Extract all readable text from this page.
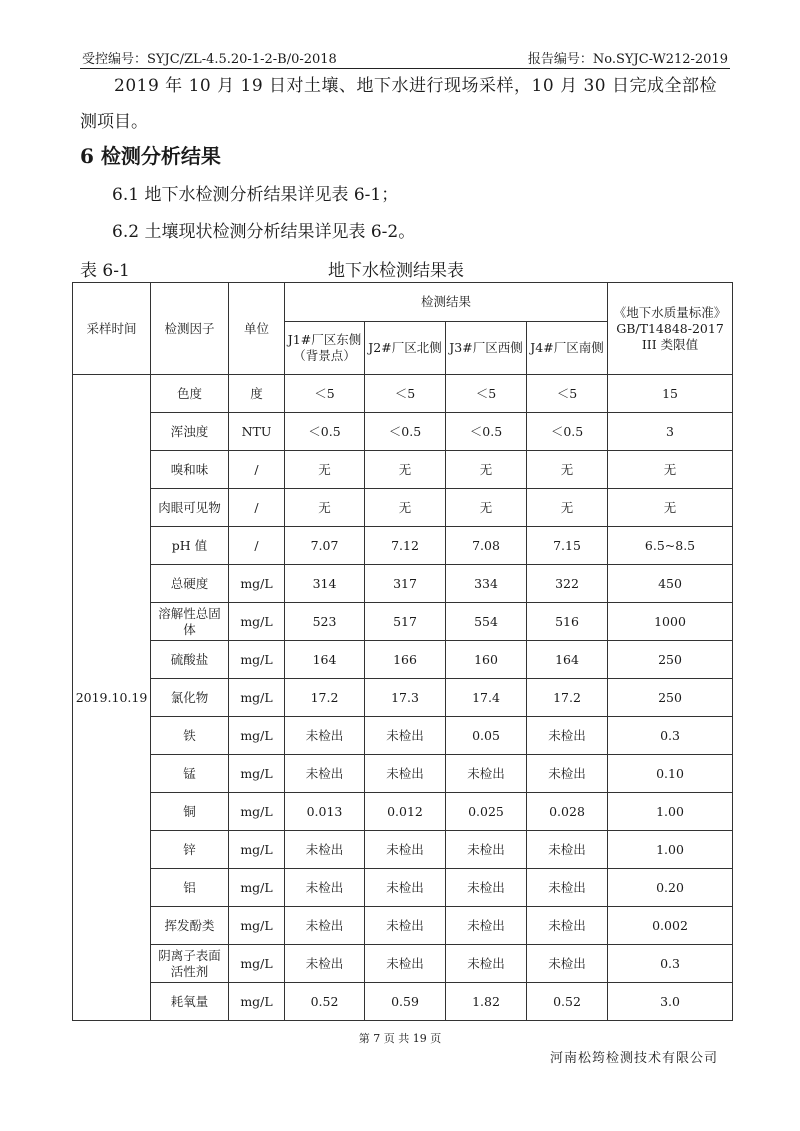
受控编号：SYJC/ZL-4.5.20-1-2-B/0-2018	报告编号：No.SYJC-W212-2019
2019 年 10 月 19 日对土壤、地下水进行现场采样，10 月 30 日完成全部检
测项目。
6 检测分析结果
6.1 地下水检测分析结果详见表 6-1；
6.2 土壤现状检测分析结果详见表 6-2。
表 6-1	地下水检测结果表
采样时间	检测因子	单位	检测结果				《地下水质量标准》GB/T14848-2017　III 类限值
			J1#厂区东侧（背景点）	J2#厂区北侧	J3#厂区西侧	J4#厂区南侧	
2019.10.19	色度	度	＜5	＜5	＜5	＜5	15
	浑浊度	NTU	＜0.5	＜0.5	＜0.5	＜0.5	3
	嗅和味	/	无	无	无	无	无
	肉眼可见物	/	无	无	无	无	无
	pH 值	/	7.07	7.12	7.08	7.15	6.5~8.5
	总硬度	mg/L	314	317	334	322	450
	溶解性总固体	mg/L	523	517	554	516	1000
	硫酸盐	mg/L	164	166	160	164	250
	氯化物	mg/L	17.2	17.3	17.4	17.2	250
	铁	mg/L	未检出	未检出	0.05	未检出	0.3
	锰	mg/L	未检出	未检出	未检出	未检出	0.10
	铜	mg/L	0.013	0.012	0.025	0.028	1.00
	锌	mg/L	未检出	未检出	未检出	未检出	1.00
	铝	mg/L	未检出	未检出	未检出	未检出	0.20
	挥发酚类	mg/L	未检出	未检出	未检出	未检出	0.002
	阴离子表面活性剂	mg/L	未检出	未检出	未检出	未检出	0.3
	耗氧量	mg/L	0.52	0.59	1.82	0.52	3.0
第 7 页 共 19 页
河南松筠检测技术有限公司
